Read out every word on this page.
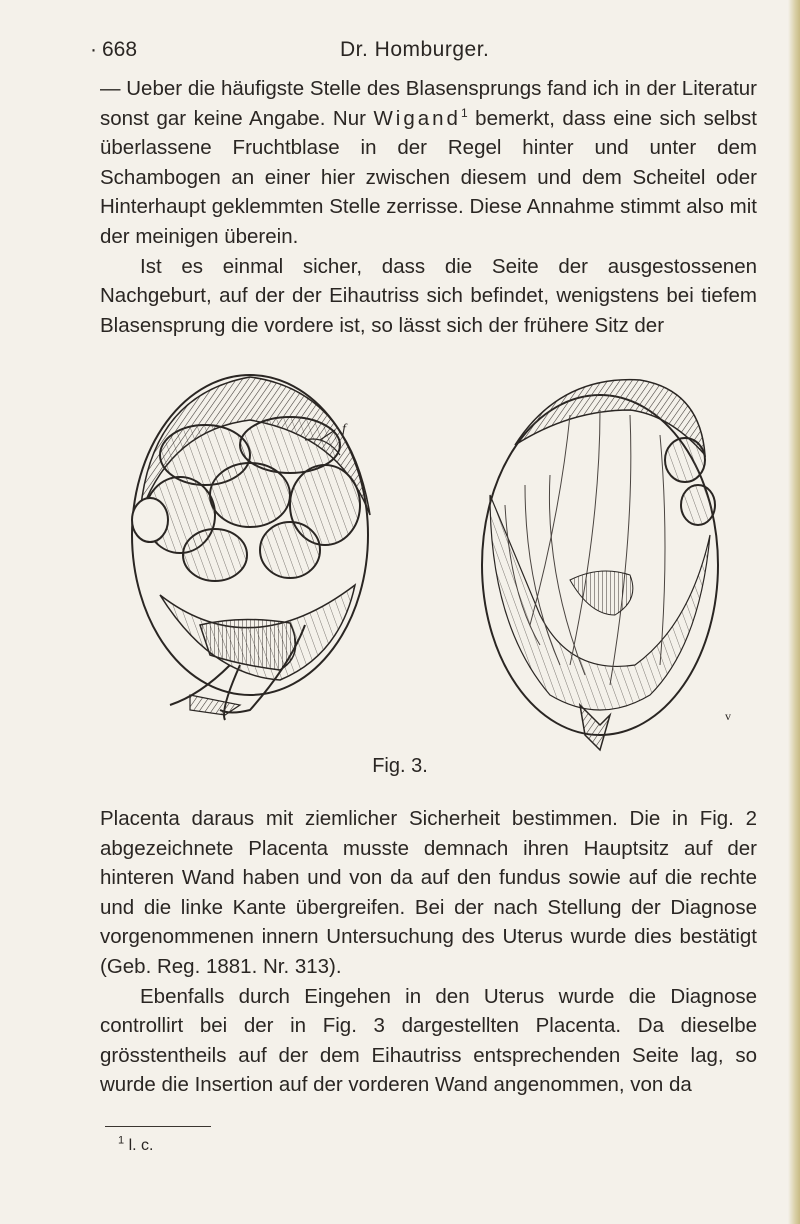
· 668	Dr. Homburger.

— Ueber die häufigste Stelle des Blasensprungs fand ich in der Literatur sonst gar keine Angabe. Nur Wigand$^1$ bemerkt, dass eine sich selbst überlassene Fruchtblase in der Regel hinter und unter dem Schambogen an einer hier zwischen diesem und dem Scheitel oder Hinterhaupt geklemmten Stelle zerrisse. Diese Annahme stimmt also mit der meinigen überein.

Ist es einmal sicher, dass die Seite der ausgestossenen Nachgeburt, auf der der Eihautriss sich befindet, wenigstens bei tiefem Blasensprung die vordere ist, so lässt sich der frühere Sitz der

f
v
Fig. 3.

Placenta daraus mit ziemlicher Sicherheit bestimmen. Die in Fig. 2 abgezeichnete Placenta musste demnach ihren Hauptsitz auf der hinteren Wand haben und von da auf den fundus sowie auf die rechte und die linke Kante übergreifen. Bei der nach Stellung der Diagnose vorgenommenen innern Untersuchung des Uterus wurde dies bestätigt (Geb. Reg. 1881. Nr. 313).

Ebenfalls durch Eingehen in den Uterus wurde die Diagnose controllirt bei der in Fig. 3 dargestellten Placenta. Da dieselbe grösstentheils auf der dem Eihautriss entsprechenden Seite lag, so wurde die Insertion auf der vorderen Wand angenommen, von da

$^1$ l. c.
